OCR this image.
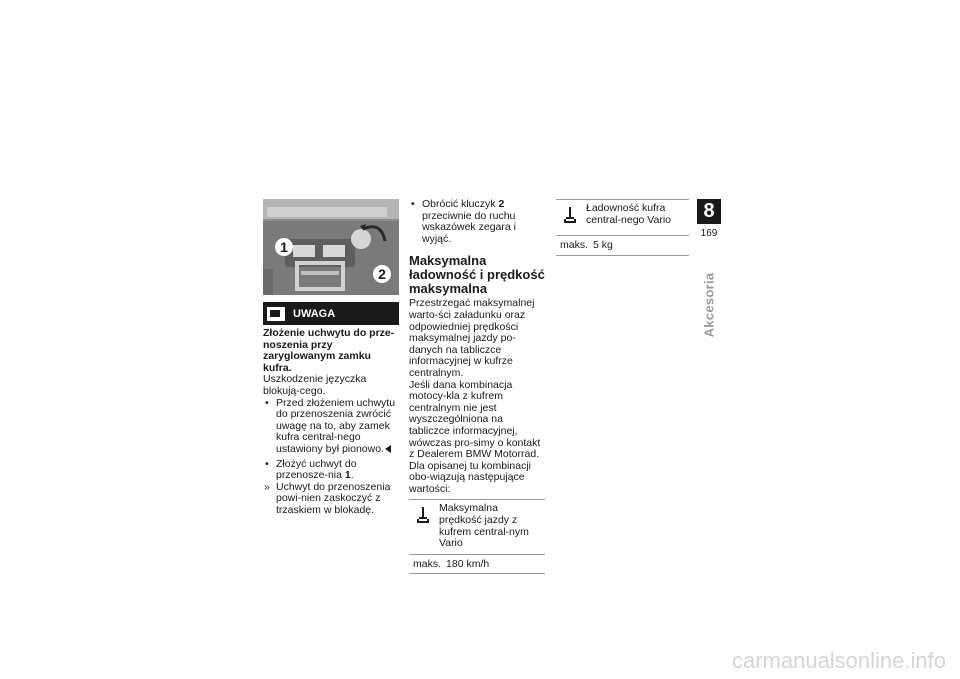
1
2
UWAGA
Złożenie uchwytu do prze-noszenia przy zaryglowanym zamku kufra.
Uszkodzenie języczka blokują-cego.
• Przed złożeniem uchwytu do przenoszenia zwrócić uwagę na to, aby zamek kufra central-nego ustawiony był pionowo.
• Złożyć uchwyt do przenosze-nia 1.
» Uchwyt do przenoszenia powi-nien zaskoczyć z trzaskiem w blokadę.
• Obrócić kluczyk 2 przeciwnie do ruchu wskazówek zegara i wyjąć.
Maksymalna ładowność i prędkość maksymalna
Przestrzegać maksymalnej warto-ści załadunku oraz odpowiedniej prędkości maksymalnej jazdy po-danych na tabliczce informacyjnej w kufrze centralnym.
Jeśli dana kombinacja motocy-kla z kufrem centralnym nie jest wyszczególniona na tabliczce informacyjnej, wówczas pro-simy o kontakt z Dealerem BMW Motorrad.
Dla opisanej tu kombinacji obo-wiązują następujące wartości:
Maksymalna prędkość jazdy z kufrem central-nym Vario
maks. 180 km/h
Ładowność kufra central-nego Vario
maks. 5 kg
8
169
Akcesoria
carmanualsonline.info
